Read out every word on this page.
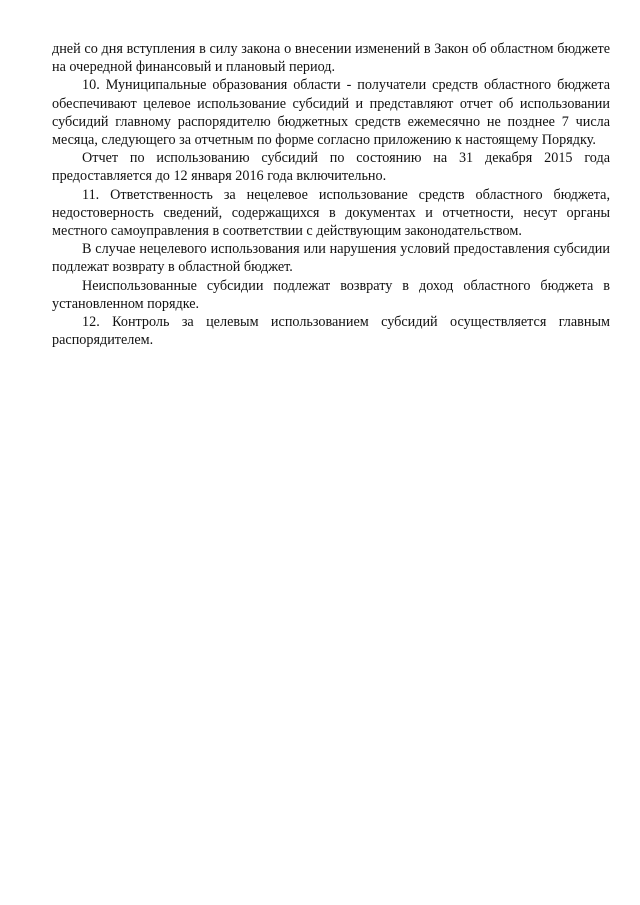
дней со дня вступления в силу закона о внесении изменений в Закон об областном бюджете на очередной финансовый и плановый период.

10. Муниципальные образования области - получатели средств областного бюджета обеспечивают целевое использование субсидий и представляют отчет об использовании субсидий главному распорядителю бюджетных средств ежемесячно не позднее 7 числа месяца, следующего за отчетным по форме согласно приложению к настоящему Порядку.

Отчет по использованию субсидий по состоянию на 31 декабря 2015 года предоставляется до 12 января 2016 года включительно.

11. Ответственность за нецелевое использование средств областного бюджета, недостоверность сведений, содержащихся в документах и отчетности, несут органы местного самоуправления в соответствии с действующим законодательством.

В случае нецелевого использования или нарушения условий предоставления субсидии подлежат возврату в областной бюджет.

Неиспользованные субсидии подлежат возврату в доход областного бюджета в установленном порядке.

12. Контроль за целевым использованием субсидий осуществляется главным распорядителем.
